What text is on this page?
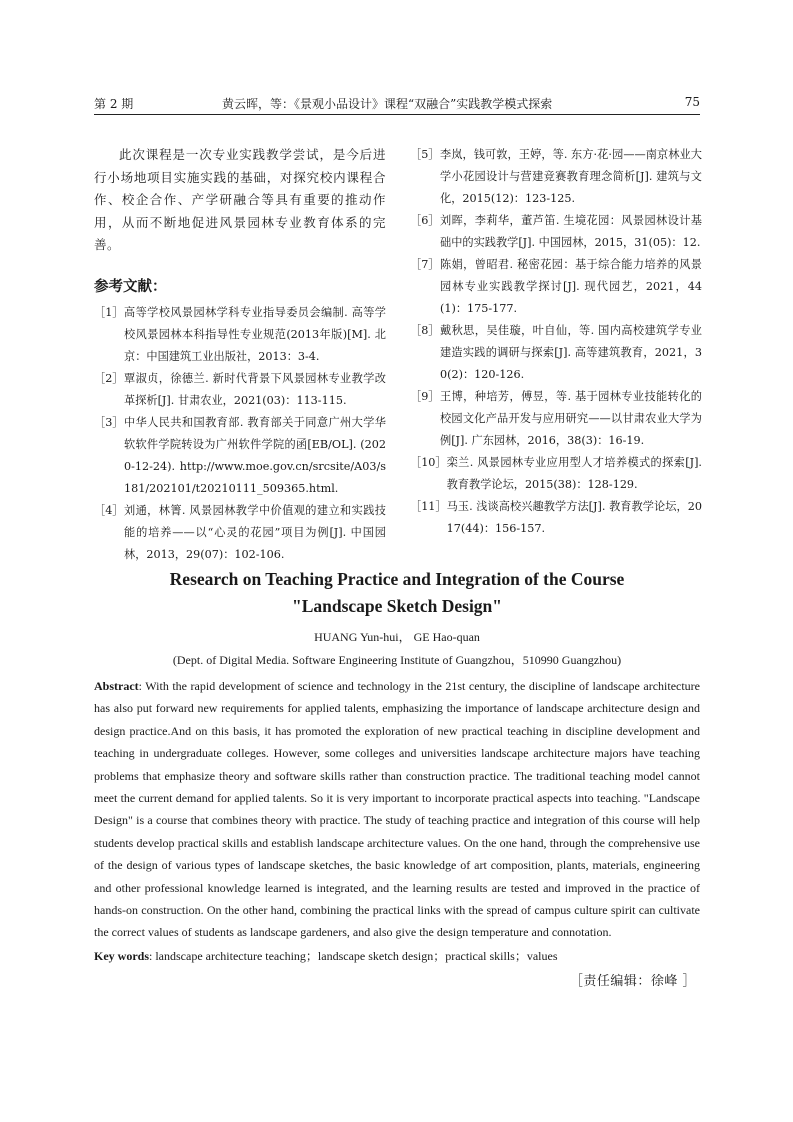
第 2 期	黄云晖，等：《景观小品设计》课程“双融合”实践教学模式探索	75

此次课程是一次专业实践教学尝试，是今后进行小场地项目实施实践的基础，对探究校内课程合作、校企合作、产学研融合等具有重要的推动作用，从而不断地促进风景园林专业教育体系的完善。

参考文献：
［1］ 高等学校风景园林学科专业指导委员会编制. 高等学校风景园林本科指导性专业规范(2013年版)[M]. 北京：中国建筑工业出版社，2013：3-4.
［2］ 覃淑贞，徐德兰. 新时代背景下风景园林专业教学改革探析[J]. 甘肃农业，2021(03)：113-115.
［3］ 中华人民共和国教育部. 教育部关于同意广州大学华软软件学院转设为广州软件学院的函[EB/OL]. (2020-12-24). http://www.moe.gov.cn/srcsite/A03/s181/202101/t20210111_509365.html.
［4］ 刘通，林箐. 风景园林教学中价值观的建立和实践技能的培养——以“心灵的花园”项目为例[J]. 中国园林，2013，29(07)：102-106.
［5］ 李岚，钱可敦，王婷，等. 东方·花·园——南京林业大学小花园设计与营建竞赛教育理念简析[J]. 建筑与文化，2015(12)：123-125.
［6］ 刘晖，李莉华，董芦笛. 生境花园：风景园林设计基础中的实践教学[J]. 中国园林，2015，31(05)：12.
［7］ 陈娟，曾昭君. 秘密花园：基于综合能力培养的风景园林专业实践教学探讨[J]. 现代园艺，2021，44(1)：175-177.
［8］ 戴秋思，吴佳璇，叶自仙，等. 国内高校建筑学专业建造实践的调研与探索[J]. 高等建筑教育，2021，30(2)：120-126.
［9］ 王博，种培芳，傅昱，等. 基于园林专业技能转化的校园文化产品开发与应用研究——以甘肃农业大学为例[J]. 广东园林，2016，38(3)：16-19.
［10］ 栾兰. 风景园林专业应用型人才培养模式的探索[J]. 教育教学论坛，2015(38)：128-129.
［11］ 马玉. 浅谈高校兴趣教学方法[J]. 教育教学论坛，2017(44)：156-157.

Research on Teaching Practice and Integration of the Course
"Landscape Sketch Design"

HUANG Yun-hui， GE Hao-quan

(Dept. of Digital Media. Software Engineering Institute of Guangzhou，510990 Guangzhou)

Abstract: With the rapid development of science and technology in the 21st century, the discipline of landscape architecture has also put forward new requirements for applied talents, emphasizing the importance of landscape architecture design and design practice.And on this basis, it has promoted the exploration of new practical teaching in discipline development and teaching in undergraduate colleges. However, some colleges and universities landscape architecture majors have teaching problems that emphasize theory and software skills rather than construction practice. The traditional teaching model cannot meet the current demand for applied talents. So it is very important to incorporate practical aspects into teaching. "Landscape Design" is a course that combines theory with practice. The study of teaching practice and integration of this course will help students develop practical skills and establish landscape architecture values. On the one hand, through the comprehensive use of the design of various types of landscape sketches, the basic knowledge of art composition, plants, materials, engineering and other professional knowledge learned is integrated, and the learning results are tested and improved in the practice of hands-on construction. On the other hand, combining the practical links with the spread of campus culture spirit can cultivate the correct values of students as landscape gardeners, and also give the design temperature and connotation.

Key words: landscape architecture teaching；landscape sketch design；practical skills；values

［责任编辑：徐峰 ］
